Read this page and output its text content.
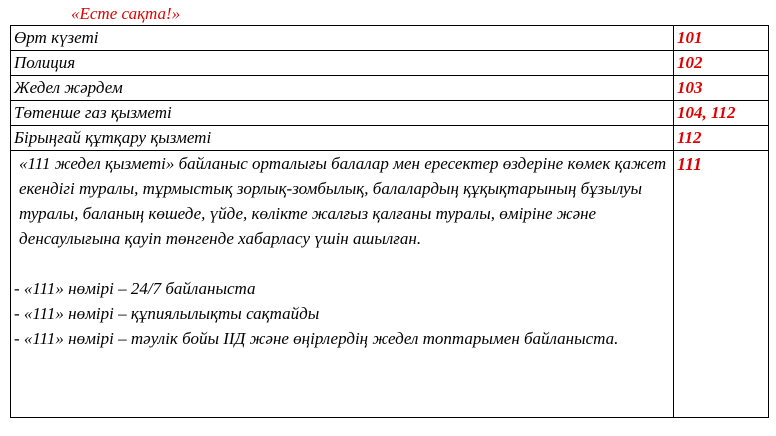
«Есте сақта!»
Өрт күзеті	101
Полиция	102
Жедел жәрдем	103
Төтенше газ қызметі	104, 112
Бірыңғай құтқару қызметі	112

«111 жедел қызметі» байланыс орталығы балалар мен ересектер өздеріне көмек қажет екендігі туралы, тұрмыстық зорлық-зомбылық, балалардың құқықтарының бұзылуы туралы, баланың көшеде, үйде, көлікте жалғыз қалғаны туралы, өміріне және денсаулығына қауіп төнгенде хабарласу үшін ашылған.

- «111» нөмірі – 24/7 байланыста

- «111» нөмірі – құпиялылықты сақтайды

- «111» нөмірі – тәулік бойы ІІД және өңірлердің жедел топтарымен байланыста.	111
